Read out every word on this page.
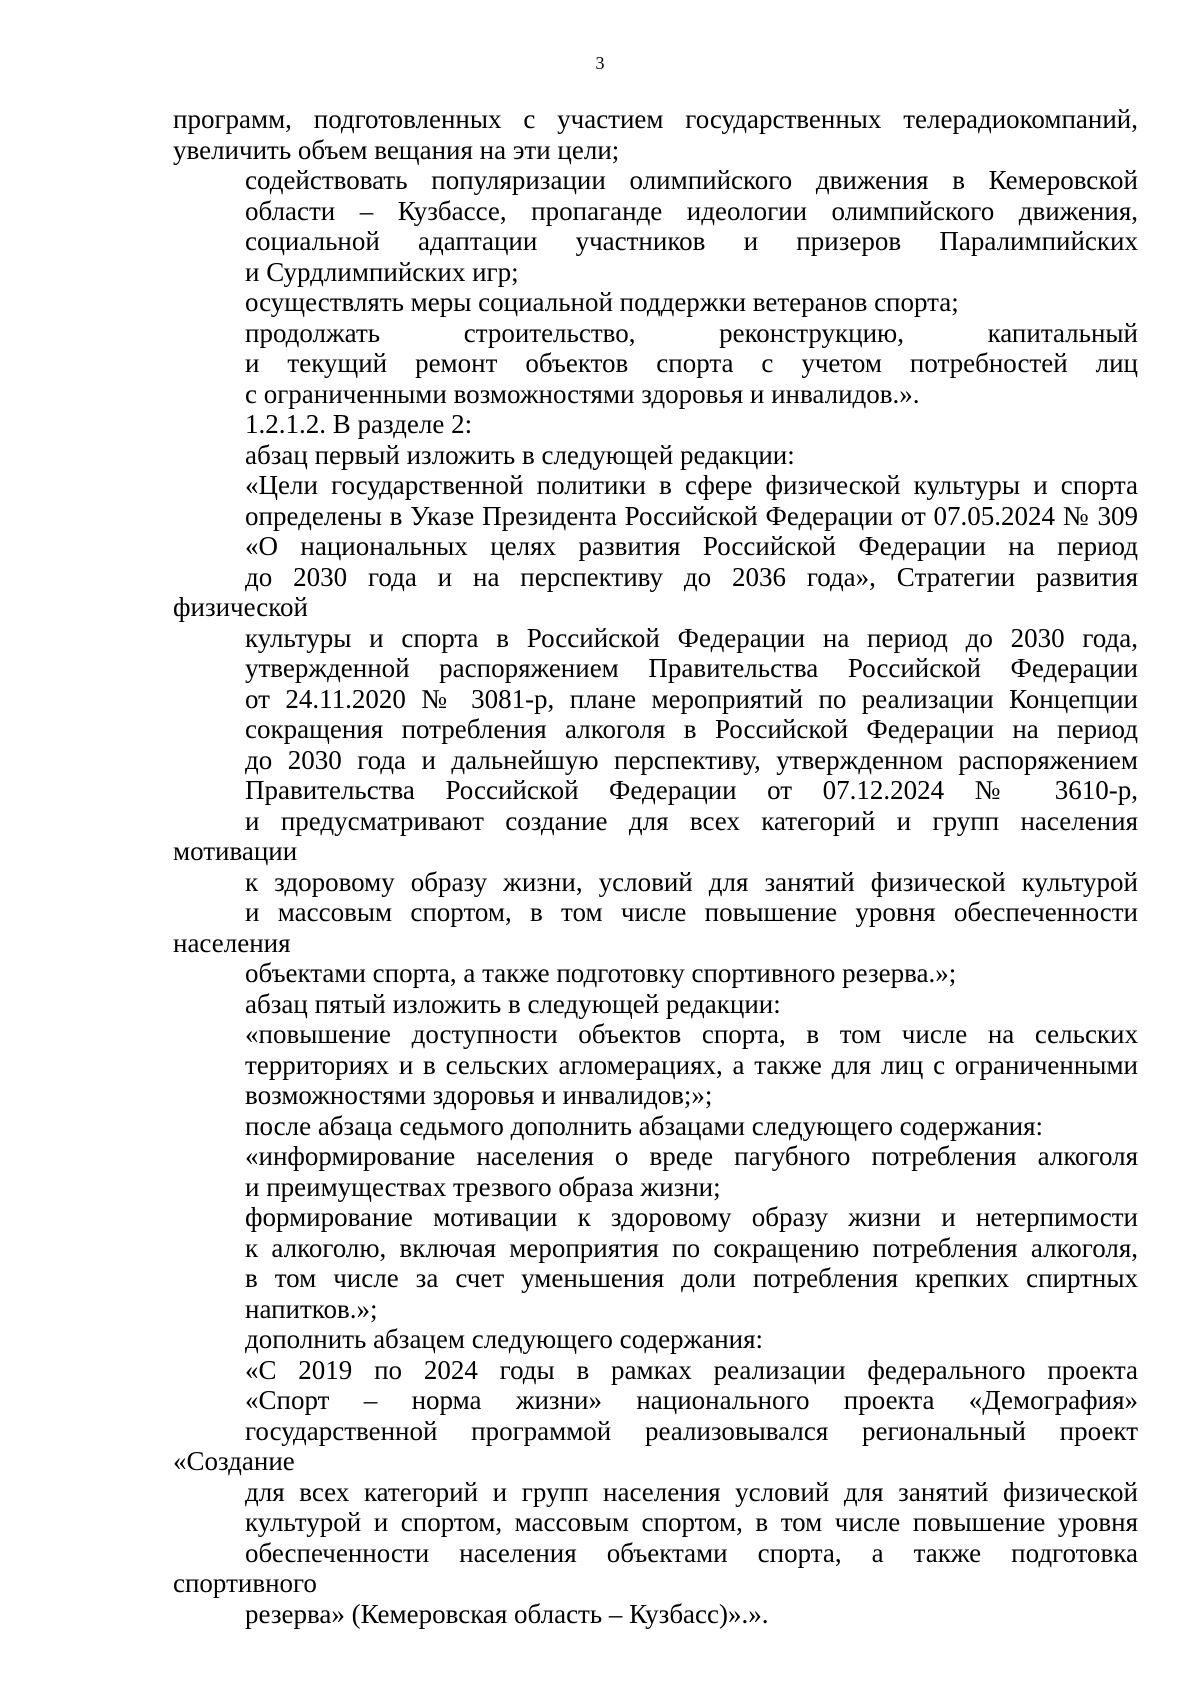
3
программ, подготовленных с участием государственных телерадиокомпаний,
увеличить объем вещания на эти цели;
содействовать популяризации олимпийского движения в Кемеровской
области – Кузбассе, пропаганде идеологии олимпийского движения,
социальной адаптации участников и призеров Паралимпийских
и Сурдлимпийских игр;
осуществлять меры социальной поддержки ветеранов спорта;
продолжать строительство, реконструкцию, капитальный
и текущий ремонт объектов спорта с учетом потребностей лиц
с ограниченными возможностями здоровья и инвалидов.».
1.2.1.2. В разделе 2:
абзац первый изложить в следующей редакции:
«Цели государственной политики в сфере физической культуры и спорта
определены в Указе Президента Российской Федерации от 07.05.2024 № 309
«О национальных целях развития Российской Федерации на период
до 2030 года и на перспективу до 2036 года», Стратегии развития физической
культуры и спорта в Российской Федерации на период до 2030 года,
утвержденной распоряжением Правительства Российской Федерации
от 24.11.2020 № 3081-р, плане мероприятий по реализации Концепции
сокращения потребления алкоголя в Российской Федерации на период
до 2030 года и дальнейшую перспективу, утвержденном распоряжением
Правительства Российской Федерации от 07.12.2024 № 3610-р,
и предусматривают создание для всех категорий и групп населения мотивации
к здоровому образу жизни, условий для занятий физической культурой
и массовым спортом, в том числе повышение уровня обеспеченности населения
объектами спорта, а также подготовку спортивного резерва.»;
абзац пятый изложить в следующей редакции:
«повышение доступности объектов спорта, в том числе на сельских
территориях и в сельских агломерациях, а также для лиц с ограниченными
возможностями здоровья и инвалидов;»;
после абзаца седьмого дополнить абзацами следующего содержания:
«информирование населения о вреде пагубного потребления алкоголя
и преимуществах трезвого образа жизни;
формирование мотивации к здоровому образу жизни и нетерпимости
к алкоголю, включая мероприятия по сокращению потребления алкоголя,
в том числе за счет уменьшения доли потребления крепких спиртных
напитков.»;
дополнить абзацем следующего содержания:
«С 2019 по 2024 годы в рамках реализации федерального проекта
«Спорт – норма жизни» национального проекта «Демография»
государственной программой реализовывался региональный проект «Создание
для всех категорий и групп населения условий для занятий физической
культурой и спортом, массовым спортом, в том числе повышение уровня
обеспеченности населения объектами спорта, а также подготовка спортивного
резерва» (Кемеровская область – Кузбасс)».».
